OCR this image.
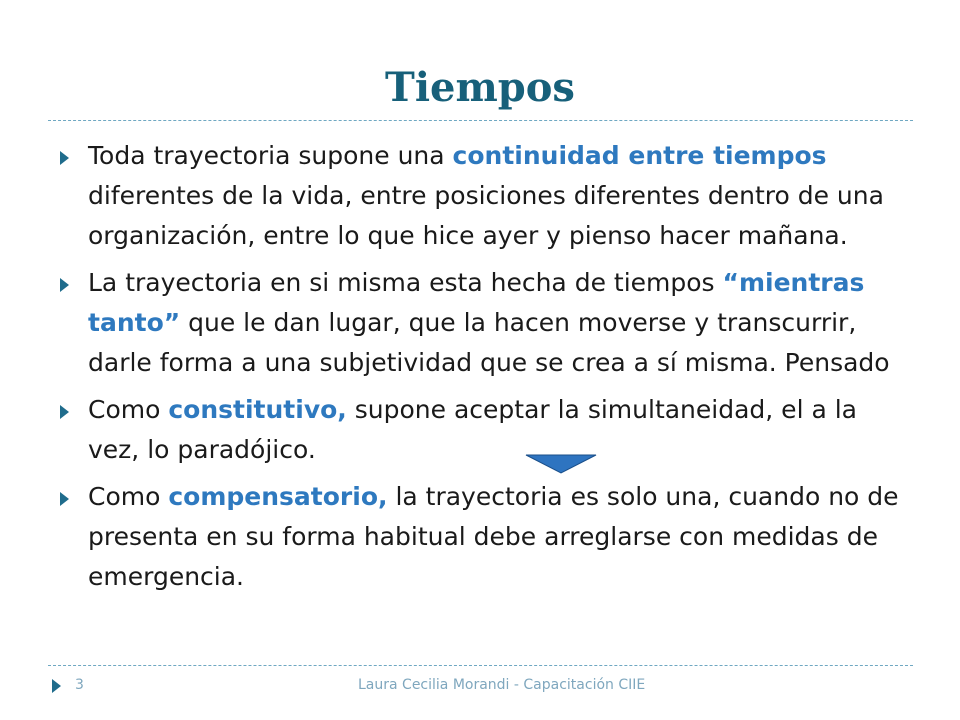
Tiempos

Toda trayectoria supone una continuidad entre tiempos diferentes de la vida, entre posiciones diferentes dentro de una organización, entre lo que hice ayer y pienso hacer mañana.

La trayectoria en si misma esta hecha de tiempos “mientras tanto” que le dan lugar, que la hacen moverse y transcurrir, darle forma a una subjetividad que se crea a sí misma. Pensado

Como constitutivo, supone aceptar la simultaneidad, el a la vez, lo paradójico.

Como compensatorio, la trayectoria es solo una, cuando no de presenta en su forma habitual debe arreglarse con medidas de emergencia.

3	Laura Cecilia Morandi - Capacitación CIIE
